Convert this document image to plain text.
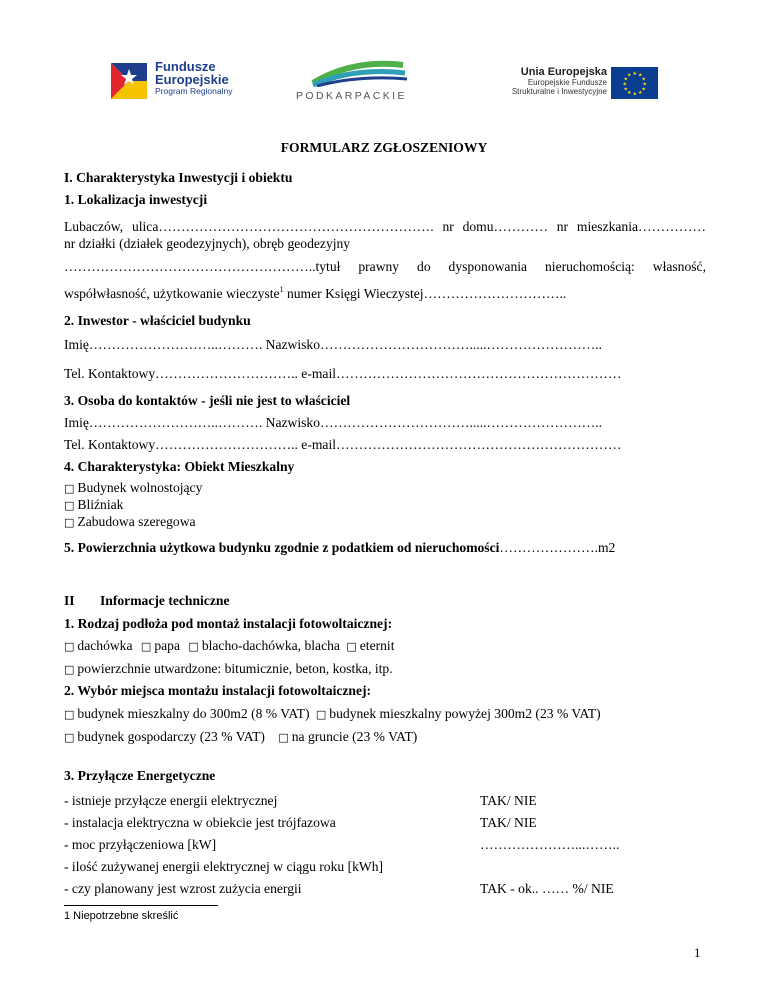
Fundusze
Europejskie
Program Regionalny	PODKARPACKIE
Unia Europejska
Europejskie Fundusze
Strukturalne i Inwestycyjne
★ ★
★
★
★
★
★
★
★
★
★
★
FORMULARZ ZGŁOSZENIOWY
I. Charakterystyka Inwestycji i obiektu
1. Lokalizacja inwestycji
Lubaczów, ulica……………………………………………………. nr domu………… nr mieszkania……………
nr działki (działek geodezyjnych), obręb geodezyjny
………………………………………………..tytuł prawny do dysponowania nieruchomością: własność,
współwłasność, użytkowanie wieczyste$^1$ numer Księgi Wieczystej…………………………..
2. Inwestor - właściciel budynku
Imię………………………..………. Nazwisko…………………………….....……………………..
Tel. Kontaktowy………………………….. e-mail………………………………………………………
3. Osoba do kontaktów - jeśli nie jest to właściciel
Imię………………………..………. Nazwisko…………………………….....……………………..
Tel. Kontaktowy………………………….. e-mail………………………………………………………
4. Charakterystyka: Obiekt Mieszkalny
□ Budynek wolnostojący
□ Bliźniak
□ Zabudowa szeregowa
5. Powierzchnia użytkowa budynku zgodnie z podatkiem od nieruchomości………………….m2
II Informacje techniczne
1. Rodzaj podłoża pod montaż instalacji fotowoltaicznej:
□ dachówka □ papa □ blacho-dachówka, blacha □ eternit
□ powierzchnie utwardzone: bitumicznie, beton, kostka, itp.
2. Wybór miejsca montażu instalacji fotowoltaicznej:
□ budynek mieszkalny do 300m2 (8 % VAT) □ budynek mieszkalny powyżej 300m2 (23 % VAT)
□ budynek gospodarczy (23 % VAT) □ na gruncie (23 % VAT)
3. Przyłącze Energetyczne
- istnieje przyłącze energii elektrycznej	TAK/ NIE
- instalacja elektryczna w obiekcie jest trójfazowa	TAK/ NIE
- moc przyłączeniowa [kW]	…………………...……..
- ilość zużywanej energii elektrycznej w ciągu roku [kWh]
- czy planowany jest wzrost zużycia energii	TAK - ok.. …… %/ NIE
1 Niepotrzebne skreślić
1
